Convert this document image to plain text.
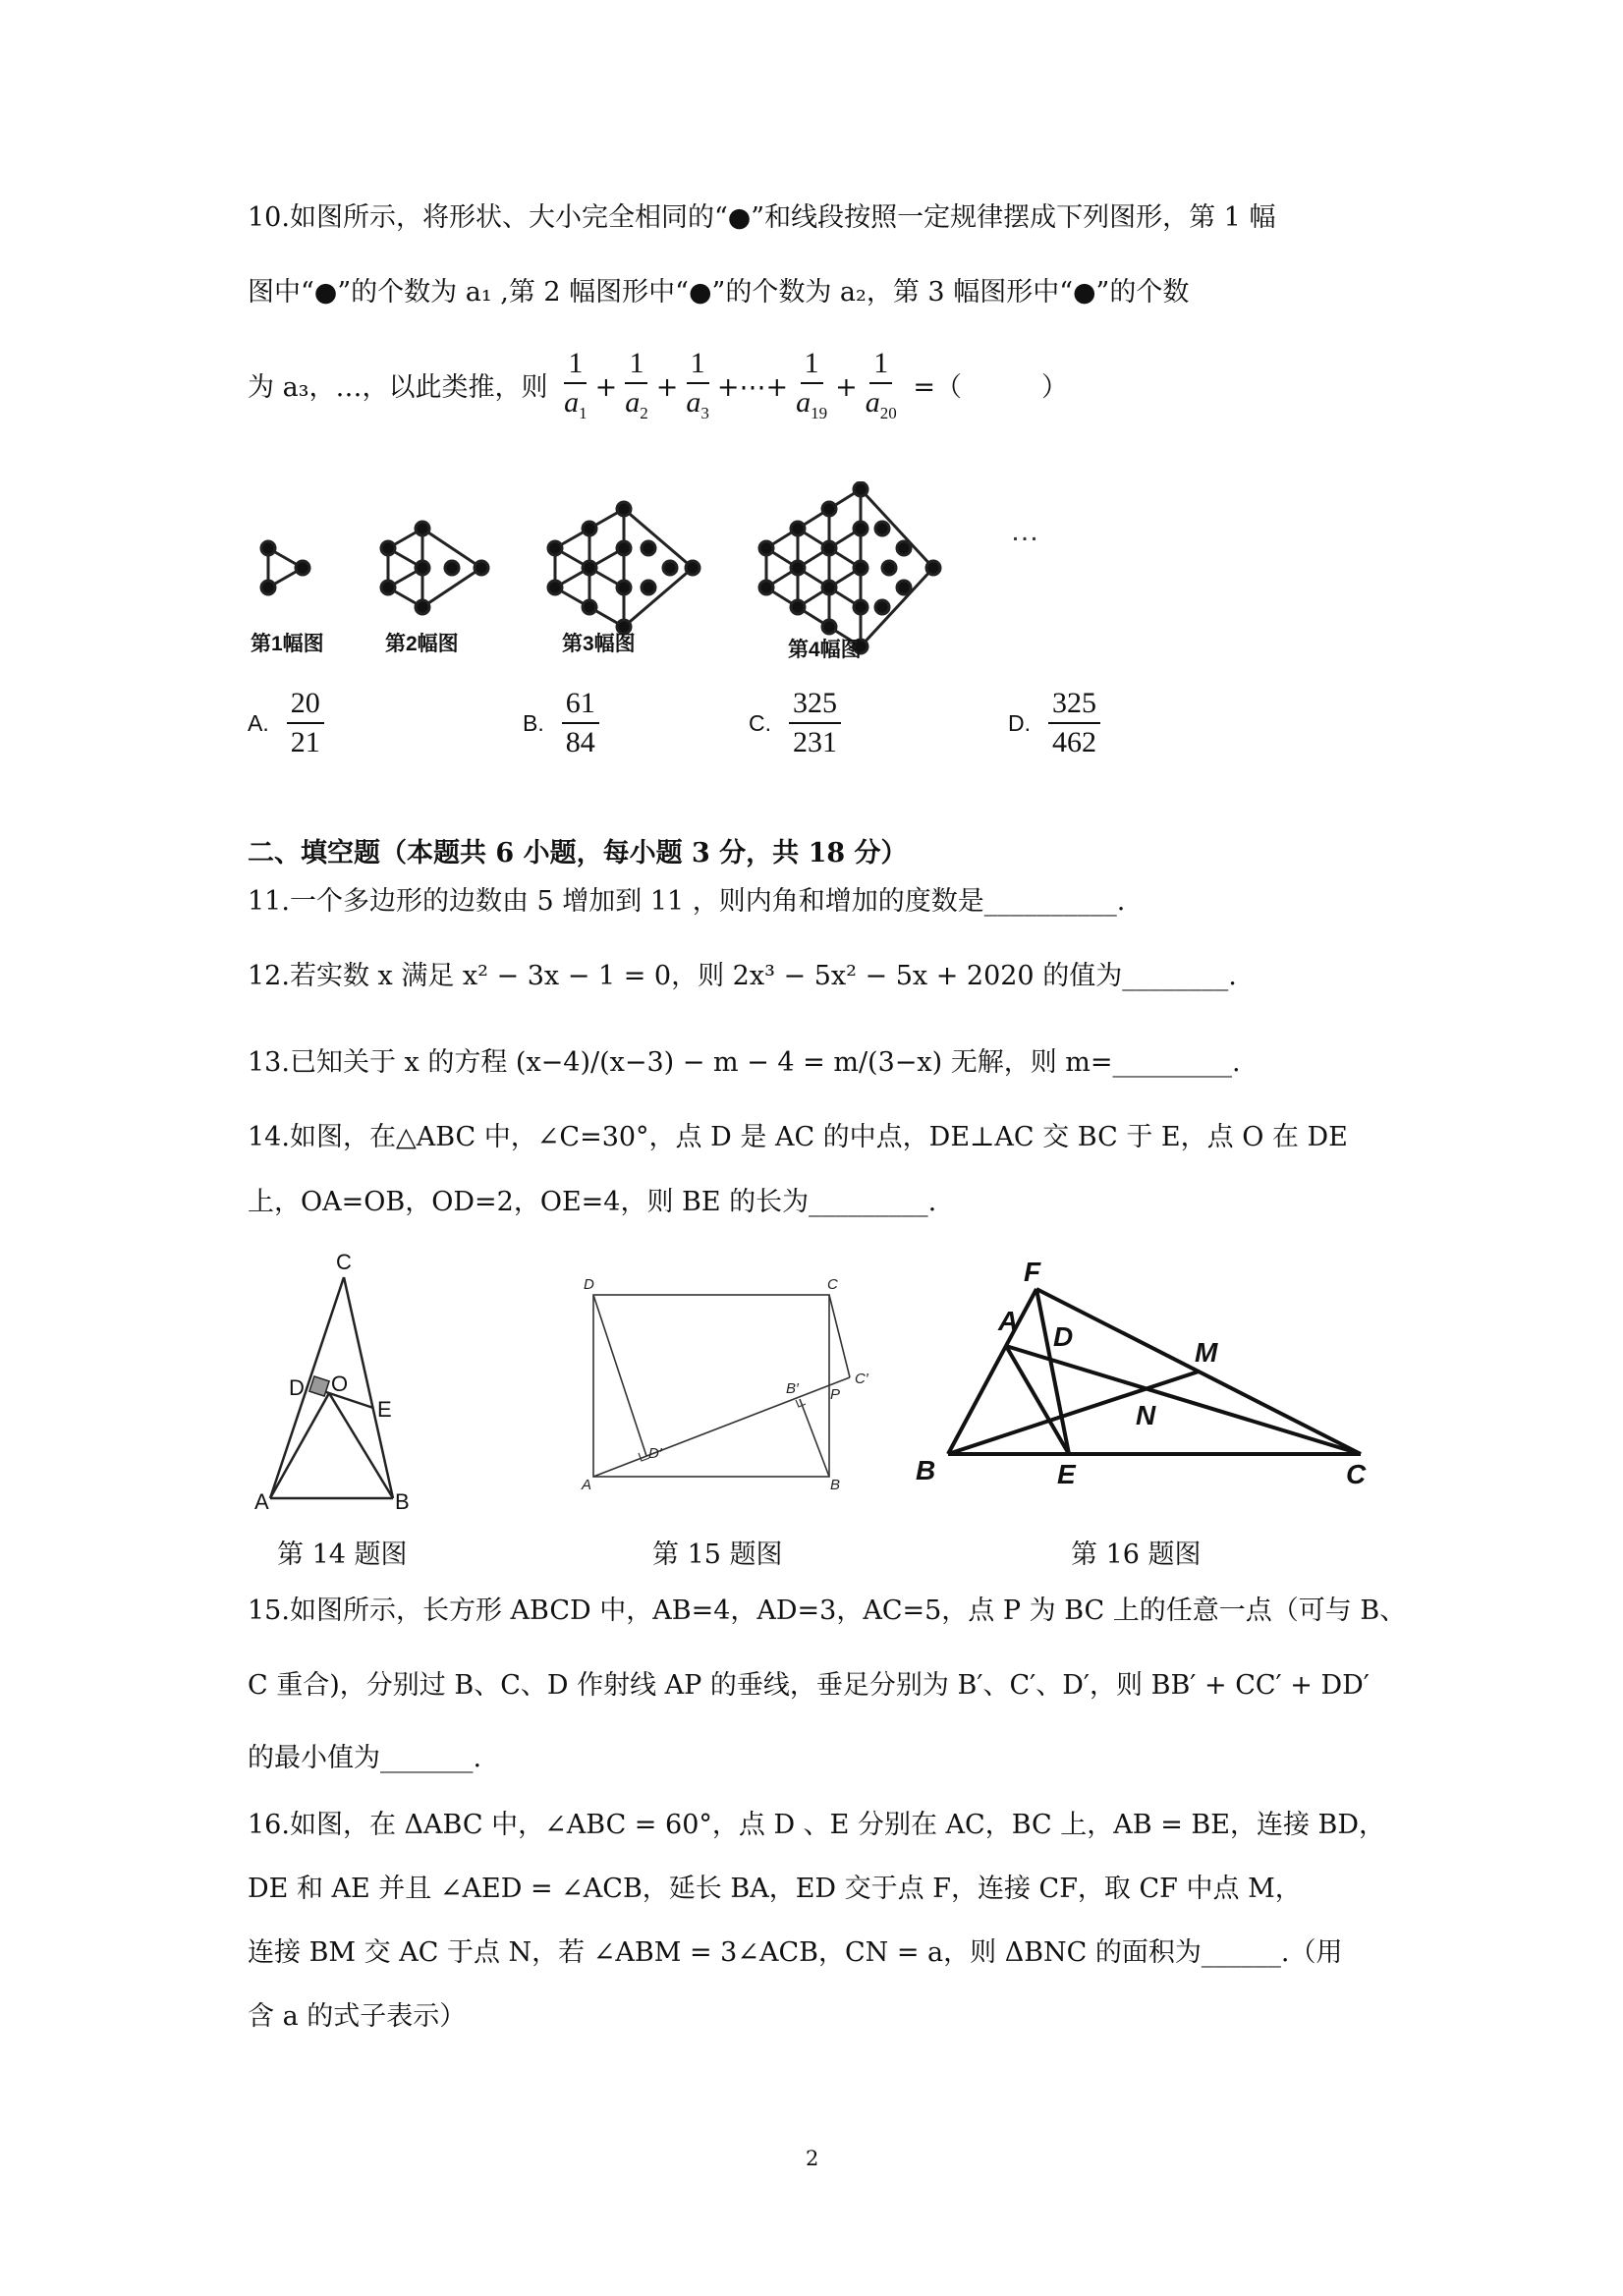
10.如图所示，将形状、大小完全相同的“●”和线段按照一定规律摆成下列图形，第 1 幅
图中“●”的个数为 a₁ ,第 2 幅图形中“●”的个数为 a₂，第 3 幅图形中“●”的个数
为 a₃，…，以此类推，则 $\frac{1}{a_1} + \frac{1}{a_2} + \frac{1}{a_3}$ +⋯+ $\frac{1}{a_{19}} + \frac{1}{a_{20}}$ =（　　　）
第1幅图	第2幅图	第3幅图	第4幅图
…
A. $\frac{20}{21}$	B. $\frac{61}{84}$	C. $\frac{325}{231}$	D. $\frac{325}{462}$
二、填空题（本题共 6 小题，每小题 3 分，共 18 分）
11.一个多边形的边数由 5 增加到 11 ，则内角和增加的度数是__________.
12.若实数 x 满足 x² − 3x − 1 = 0，则 2x³ − 5x² − 5x + 2020 的值为________.
13.已知关于 x 的方程 (x−4)/(x−3) − m − 4 = m/(3−x) 无解，则 m=_________.
14.如图，在△ABC 中，∠C=30°，点 D 是 AC 的中点，DE⊥AC 交 BC 于 E，点 O 在 DE
上，OA=OB，OD=2，OE=4，则 BE 的长为_________.
C
D O
E
A	B
D	C
B′ P
C′
D′
A	B
F
A
D
M
N
B	E	C
第 14 题图	第 15 题图	第 16 题图
15.如图所示，长方形 ABCD 中，AB=4，AD=3，AC=5，点 P 为 BC 上的任意一点（可与 B、
C 重合)，分别过 B、C、D 作射线 AP 的垂线，垂足分别为 B′、C′、D′，则 BB′ + CC′ + DD′
的最小值为_______.
16.如图，在 ΔABC 中，∠ABC = 60°，点 D 、E 分别在 AC，BC 上，AB = BE，连接 BD，
DE 和 AE 并且 ∠AED = ∠ACB，延长 BA，ED 交于点 F，连接 CF，取 CF 中点 M，
连接 BM 交 AC 于点 N，若 ∠ABM = 3∠ACB，CN = a，则 ΔBNC 的面积为______.（用
含 a 的式子表示）
2
